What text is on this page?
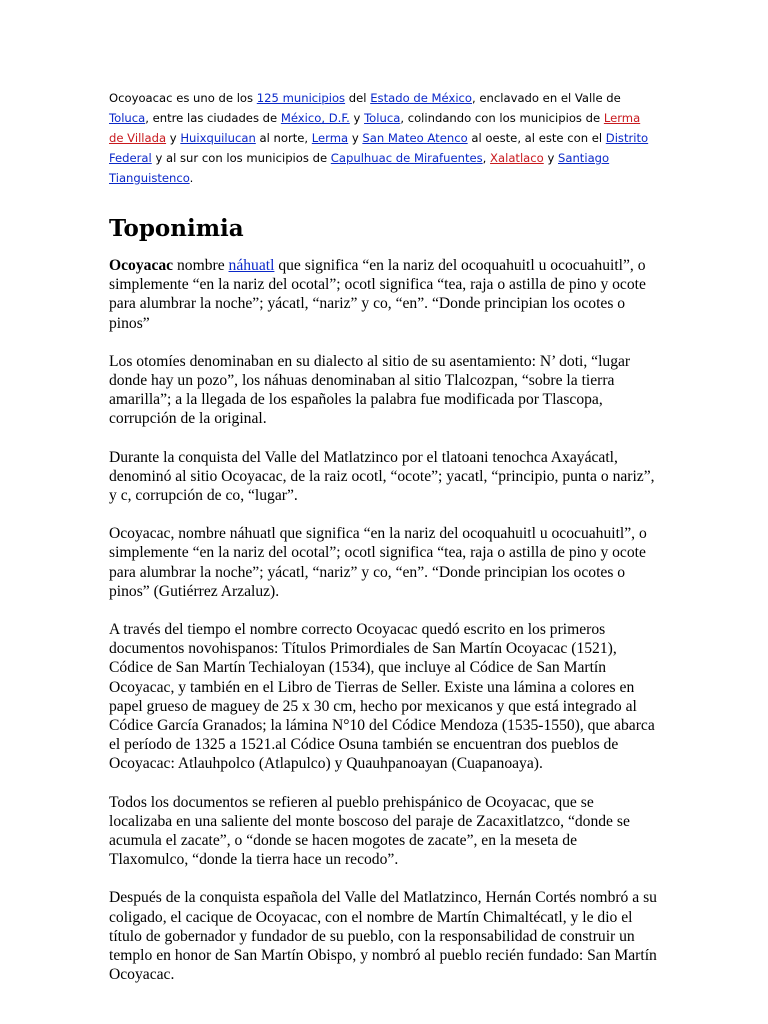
Ocoyoacac es uno de los 125 municipios del Estado de México, enclavado en el Valle de Toluca, entre las ciudades de México, D.F. y Toluca, colindando con los municipios de Lerma de Villada y Huixquilucan al norte, Lerma y San Mateo Atenco al oeste, al este con el Distrito Federal y al sur con los municipios de Capulhuac de Mirafuentes, Xalatlaco y Santiago Tianguistenco.

Toponimia

Ocoyacac nombre náhuatl que significa “en la nariz del ocoquahuitl u ococuahuitl”, o simplemente “en la nariz del ocotal”; ocotl significa “tea, raja o astilla de pino y ocote para alumbrar la noche”; yácatl, “nariz” y co, “en”. “Donde principian los ocotes o pinos”

Los otomíes denominaban en su dialecto al sitio de su asentamiento: N’ doti, “lugar donde hay un pozo”, los náhuas denominaban al sitio Tlalcozpan, “sobre la tierra amarilla”; a la llegada de los españoles la palabra fue modificada por Tlascopa, corrupción de la original.

Durante la conquista del Valle del Matlatzinco por el tlatoani tenochca Axayácatl, denominó al sitio Ocoyacac, de la raiz ocotl, “ocote”; yacatl, “principio, punta o nariz”, y c, corrupción de co, “lugar”.

Ocoyacac, nombre náhuatl que significa “en la nariz del ocoquahuitl u ococuahuitl”, o simplemente “en la nariz del ocotal”; ocotl significa “tea, raja o astilla de pino y ocote para alumbrar la noche”; yácatl, “nariz” y co, “en”. “Donde principian los ocotes o pinos” (Gutiérrez Arzaluz).

A través del tiempo el nombre correcto Ocoyacac quedó escrito en los primeros documentos novohispanos: Títulos Primordiales de San Martín Ocoyacac (1521), Códice de San Martín Techialoyan (1534), que incluye al Códice de San Martín Ocoyacac, y también en el Libro de Tierras de Seller. Existe una lámina a colores en papel grueso de maguey de 25 x 30 cm, hecho por mexicanos y que está integrado al Códice García Granados; la lámina N°10 del Códice Mendoza (1535-1550), que abarca el período de 1325 a 1521.al Códice Osuna también se encuentran dos pueblos de Ocoyacac: Atlauhpolco (Atlapulco) y Quauhpanoayan (Cuapanoaya).

Todos los documentos se refieren al pueblo prehispánico de Ocoyacac, que se localizaba en una saliente del monte boscoso del paraje de Zacaxitlatzco, “donde se acumula el zacate”, o “donde se hacen mogotes de zacate”, en la meseta de Tlaxomulco, “donde la tierra hace un recodo”.

Después de la conquista española del Valle del Matlatzinco, Hernán Cortés nombró a su coligado, el cacique de Ocoyacac, con el nombre de Martín Chimaltécatl, y le dio el título de gobernador y fundador de su pueblo, con la responsabilidad de construir un templo en honor de San Martín Obispo, y nombró al pueblo recién fundado: San Martín Ocoyacac.
